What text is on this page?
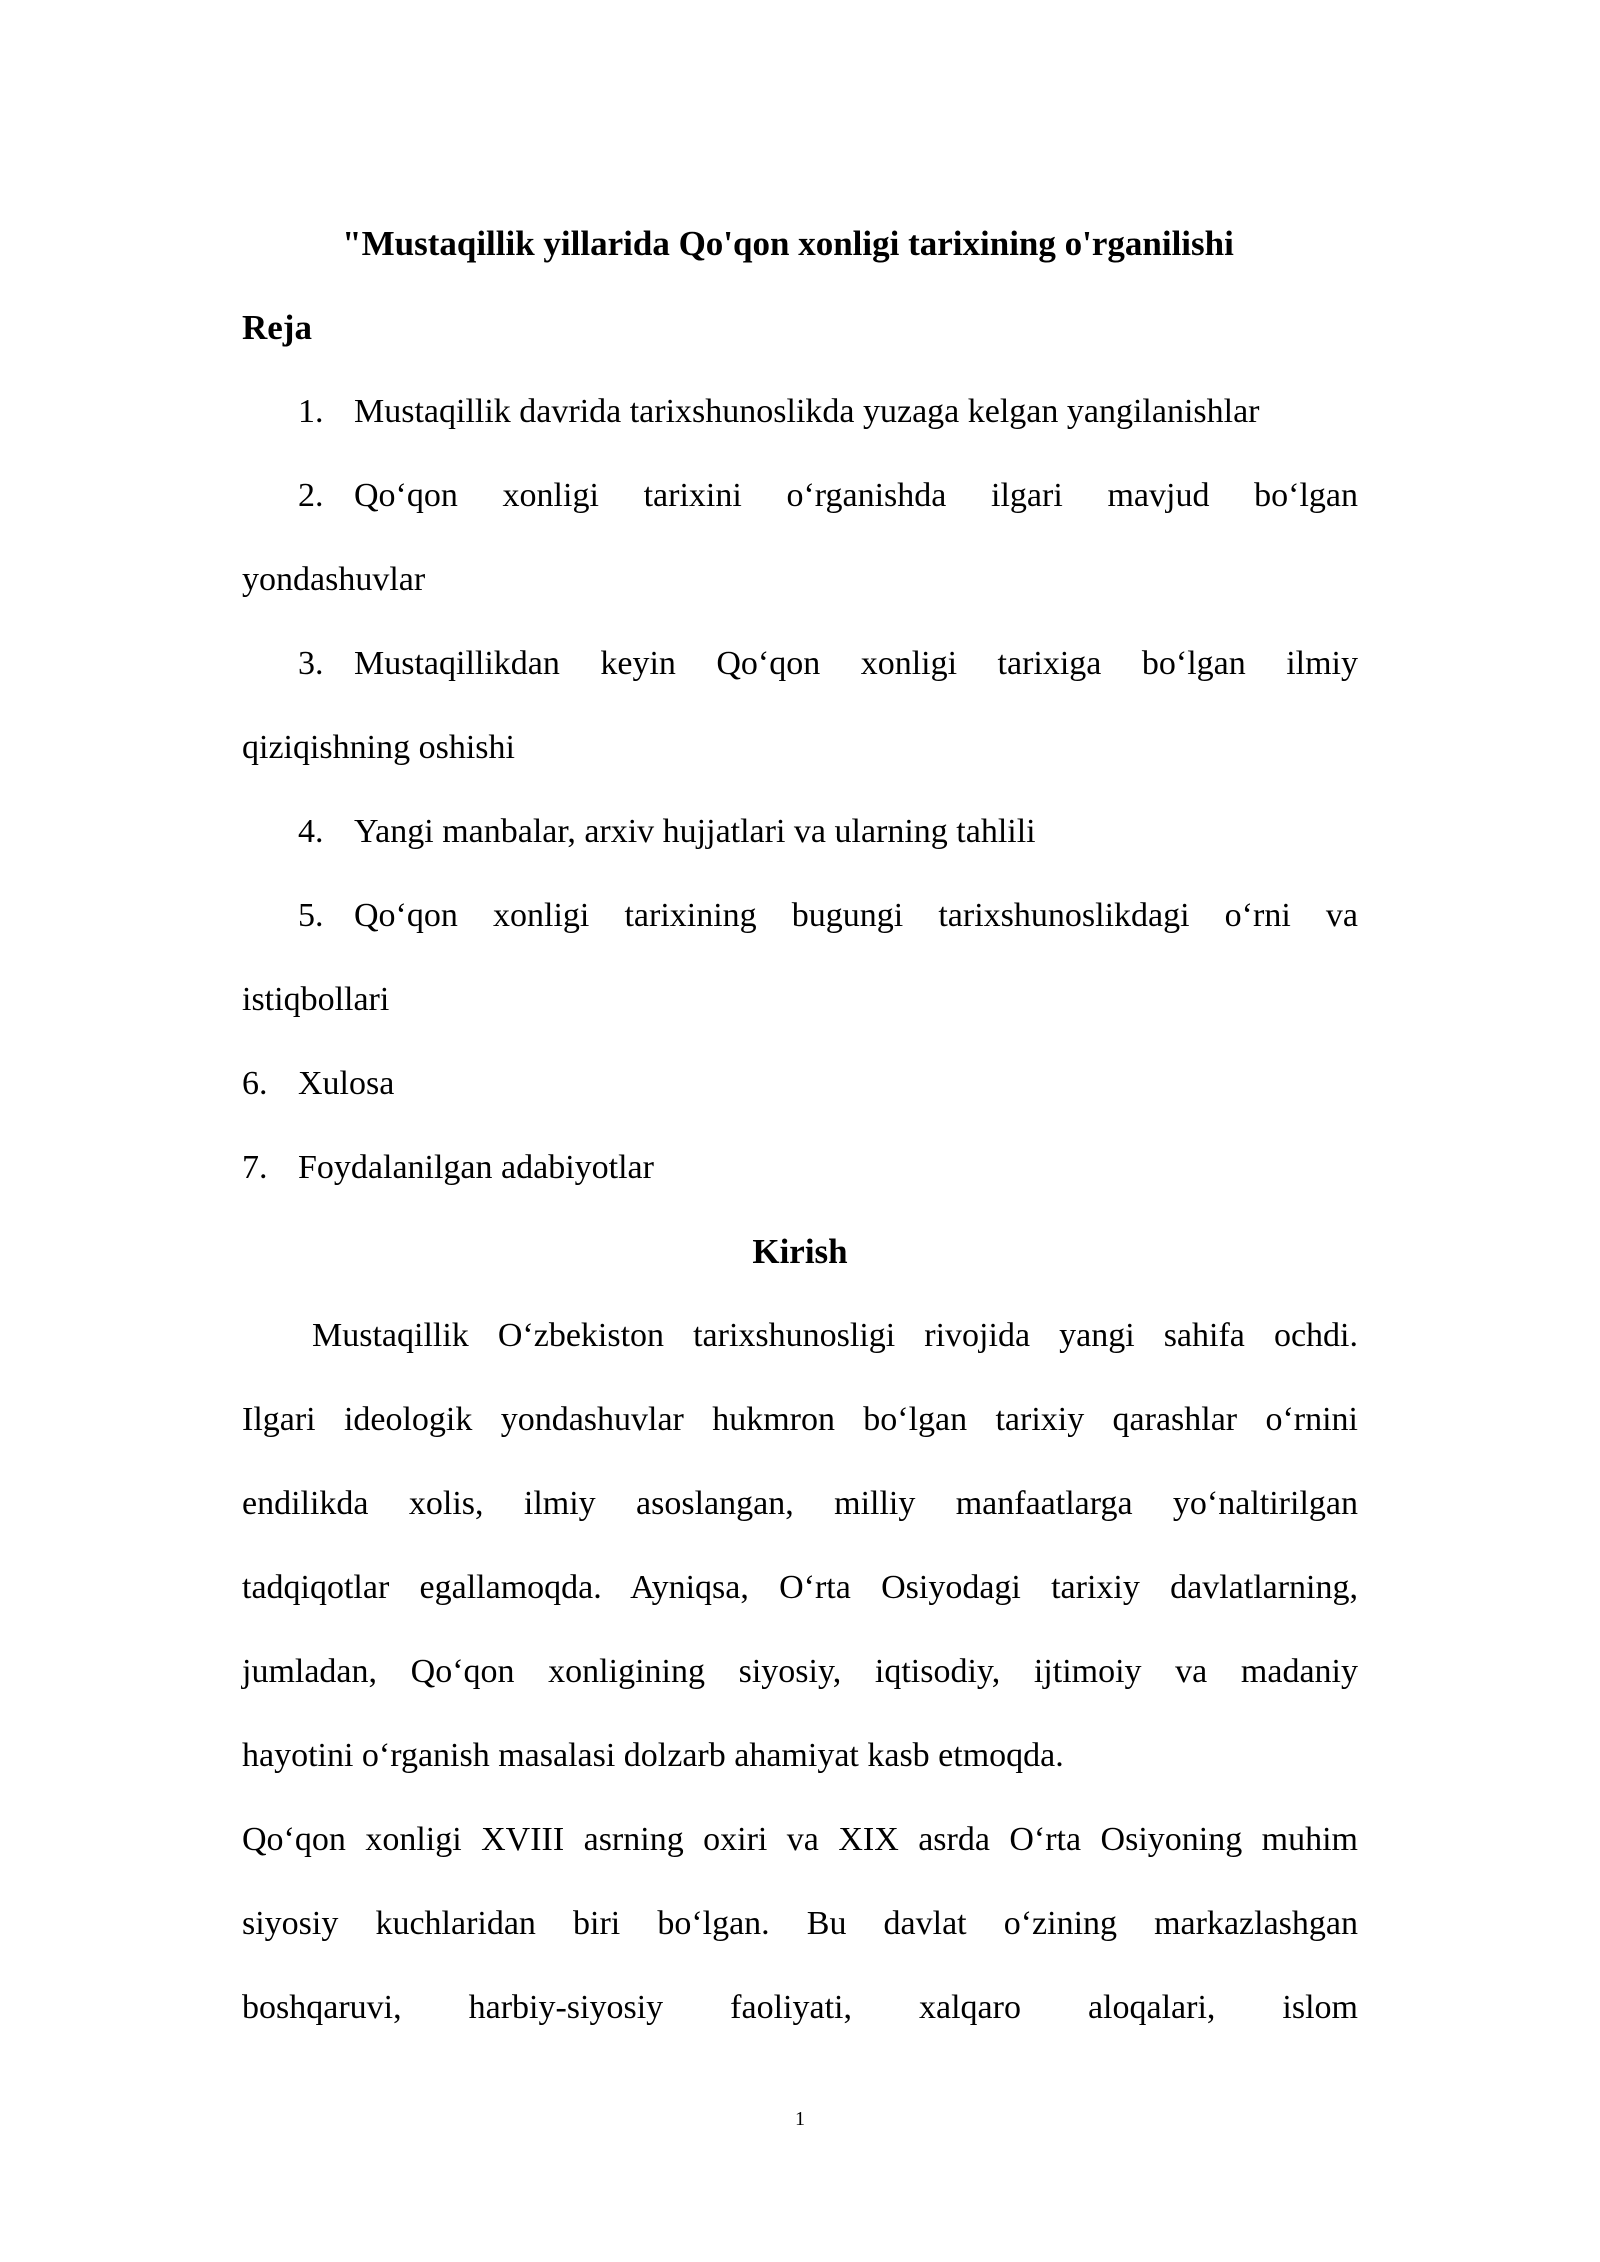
"Mustaqillik yillarida Qo'qon xonligi tarixining o'rganilishi

Reja

1. Mustaqillik davrida tarixshunoslikda yuzaga kelgan yangilanishlar
2. Qo‘qon xonligi tarixini o‘rganishda ilgari mavjud bo‘lgan

yondashuvlar

3. Mustaqillikdan keyin Qo‘qon xonligi tarixiga bo‘lgan ilmiy

qiziqishning oshishi

4. Yangi manbalar, arxiv hujjatlari va ularning tahlili
5. Qo‘qon xonligi tarixining bugungi tarixshunoslikdagi o‘rni va

istiqbollari

6. Xulosa
7. Foydalanilgan adabiyotlar

Kirish

Mustaqillik O‘zbekiston tarixshunosligi rivojida yangi sahifa ochdi.

Ilgari ideologik yondashuvlar hukmron bo‘lgan tarixiy qarashlar o‘rnini

endilikda xolis, ilmiy asoslangan, milliy manfaatlarga yo‘naltirilgan

tadqiqotlar egallamoqda. Ayniqsa, O‘rta Osiyodagi tarixiy davlatlarning,

jumladan, Qo‘qon xonligining siyosiy, iqtisodiy, ijtimoiy va madaniy

hayotini o‘rganish masalasi dolzarb ahamiyat kasb etmoqda.

Qo‘qon xonligi XVIII asrning oxiri va XIX asrda O‘rta Osiyoning muhim

siyosiy kuchlaridan biri bo‘lgan. Bu davlat o‘zining markazlashgan

boshqaruvi, harbiy-siyosiy faoliyati, xalqaro aloqalari, islom

1
